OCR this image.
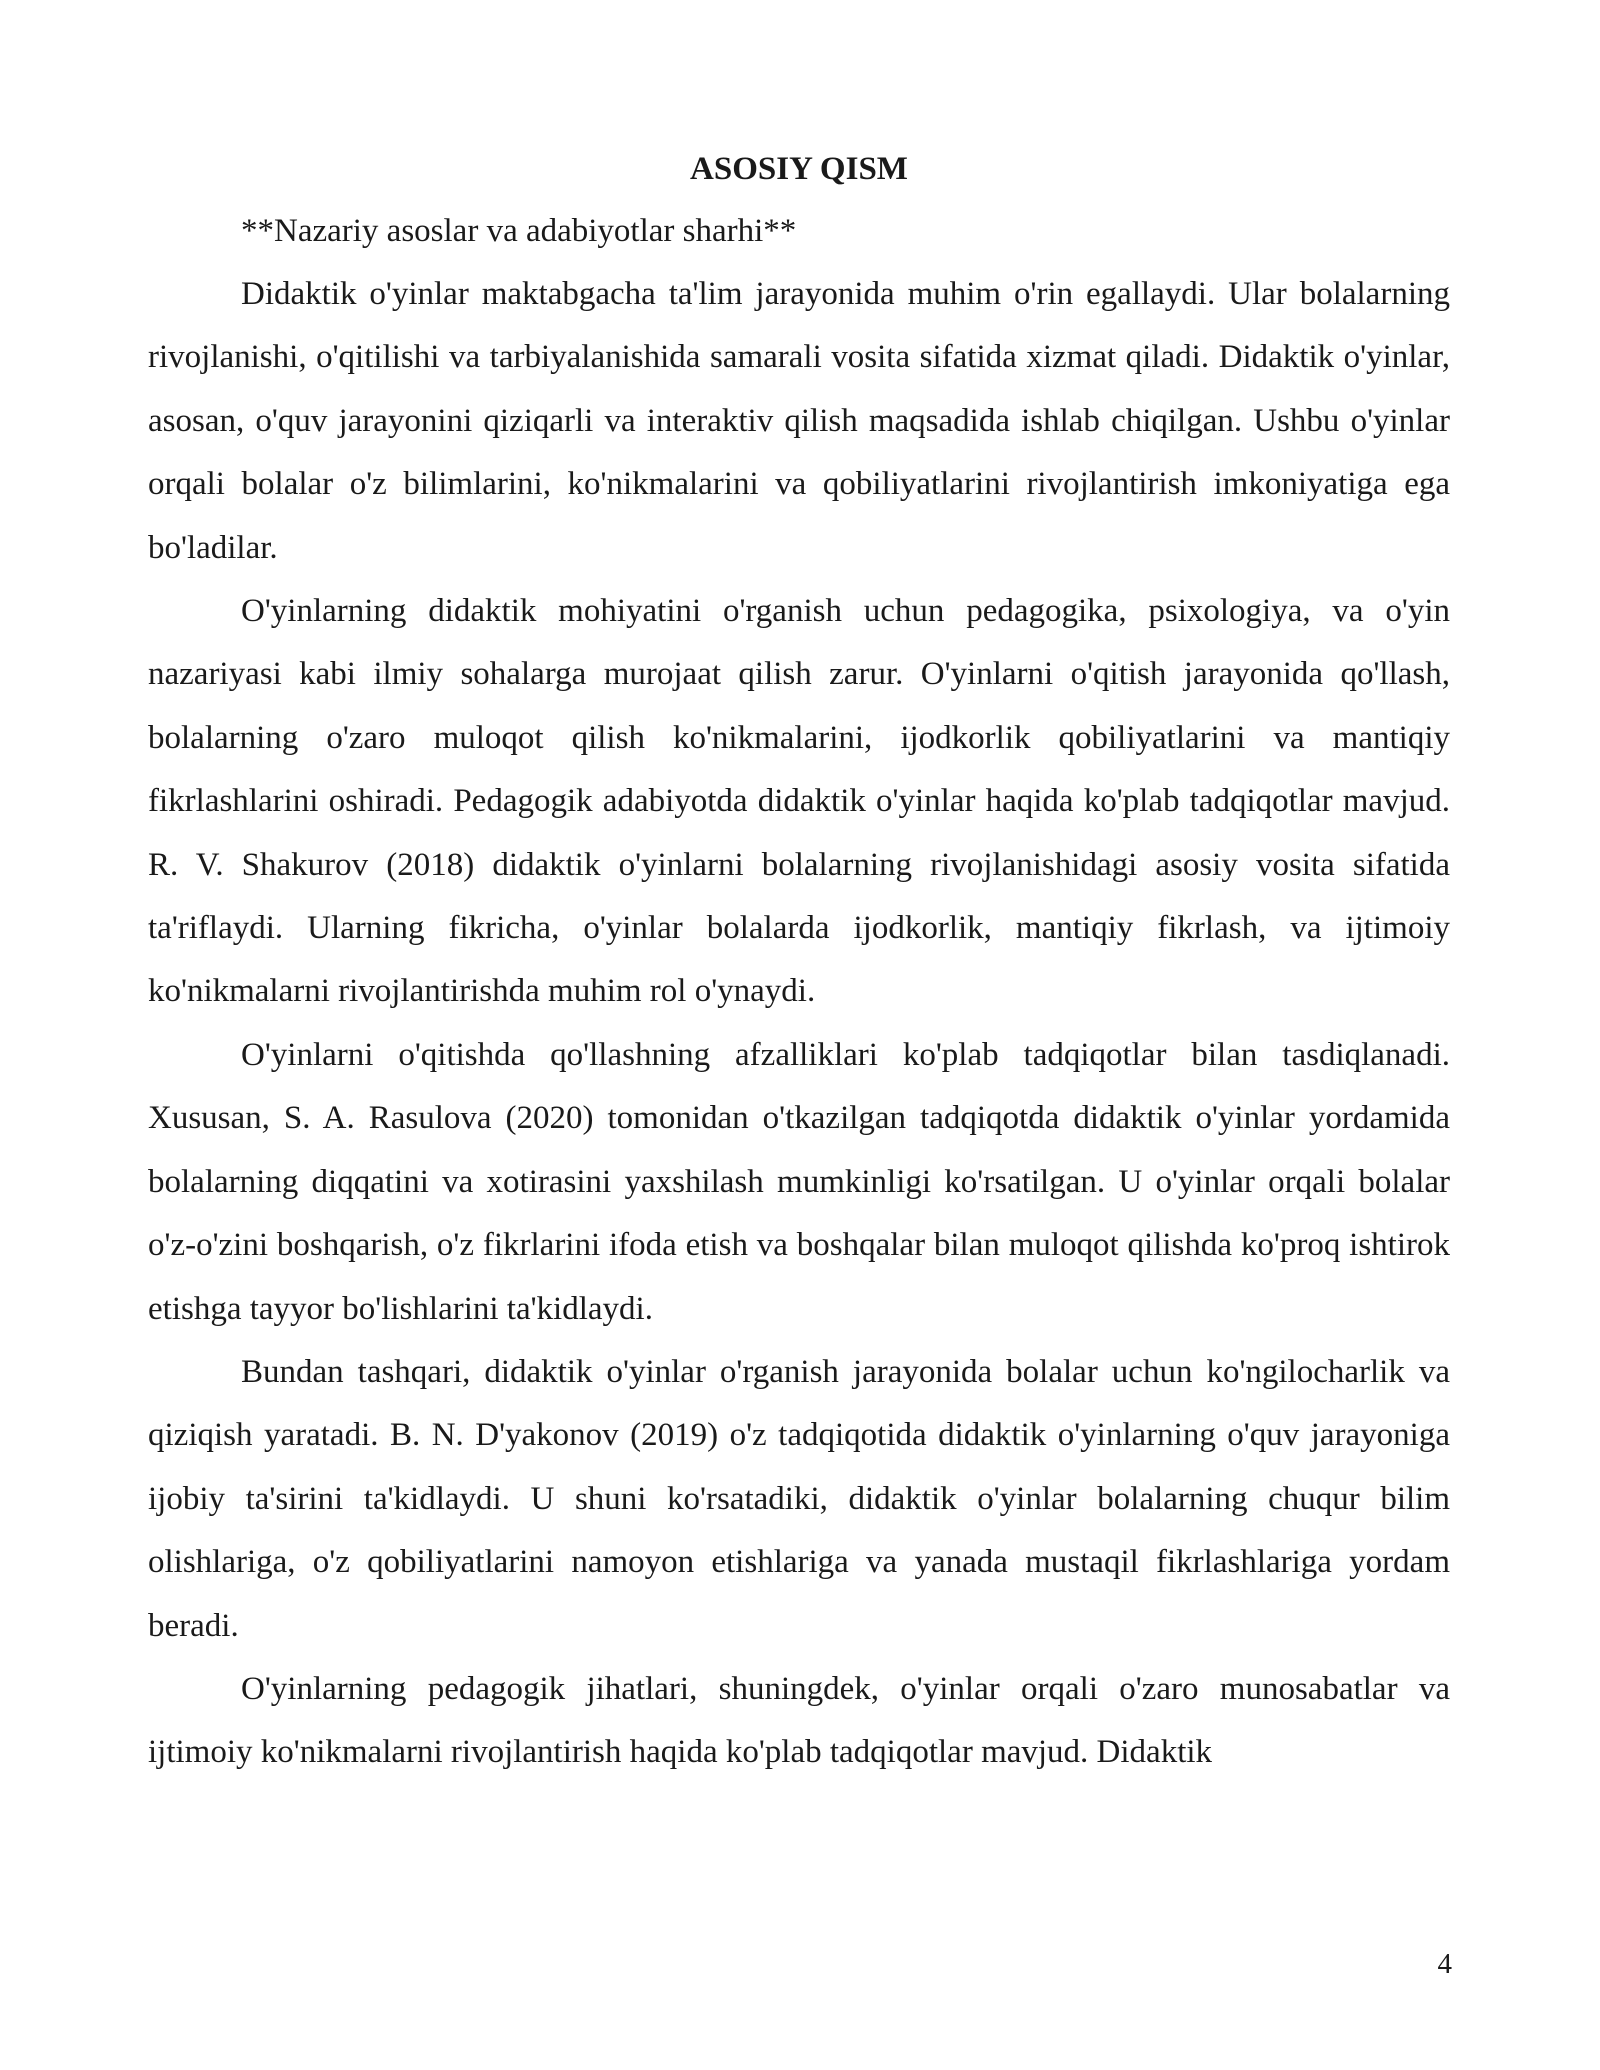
ASOSIY QISM

**Nazariy asoslar va adabiyotlar sharhi**

Didaktik o'yinlar maktabgacha ta'lim jarayonida muhim o'rin egallaydi. Ular bolalarning rivojlanishi, o'qitilishi va tarbiyalanishida samarali vosita sifatida xizmat qiladi. Didaktik o'yinlar, asosan, o'quv jarayonini qiziqarli va interaktiv qilish maqsadida ishlab chiqilgan. Ushbu o'yinlar orqali bolalar o'z bilimlarini, ko'nikmalarini va qobiliyatlarini rivojlantirish imkoniyatiga ega bo'ladilar.

O'yinlarning didaktik mohiyatini o'rganish uchun pedagogika, psixologiya, va o'yin nazariyasi kabi ilmiy sohalarga murojaat qilish zarur. O'yinlarni o'qitish jarayonida qo'llash, bolalarning o'zaro muloqot qilish ko'nikmalarini, ijodkorlik qobiliyatlarini va mantiqiy fikrlashlarini oshiradi. Pedagogik adabiyotda didaktik o'yinlar haqida ko'plab tadqiqotlar mavjud. R. V. Shakurov (2018) didaktik o'yinlarni bolalarning rivojlanishidagi asosiy vosita sifatida ta'riflaydi. Ularning fikricha, o'yinlar bolalarda ijodkorlik, mantiqiy fikrlash, va ijtimoiy ko'nikmalarni rivojlantirishda muhim rol o'ynaydi.

O'yinlarni o'qitishda qo'llashning afzalliklari ko'plab tadqiqotlar bilan tasdiqlanadi. Xususan, S. A. Rasulova (2020) tomonidan o'tkazilgan tadqiqotda didaktik o'yinlar yordamida bolalarning diqqatini va xotirasini yaxshilash mumkinligi ko'rsatilgan. U o'yinlar orqali bolalar o'z-o'zini boshqarish, o'z fikrlarini ifoda etish va boshqalar bilan muloqot qilishda ko'proq ishtirok etishga tayyor bo'lishlarini ta'kidlaydi.

Bundan tashqari, didaktik o'yinlar o'rganish jarayonida bolalar uchun ko'ngilocharlik va qiziqish yaratadi. B. N. D'yakonov (2019) o'z tadqiqotida didaktik o'yinlarning o'quv jarayoniga ijobiy ta'sirini ta'kidlaydi. U shuni ko'rsatadiki, didaktik o'yinlar bolalarning chuqur bilim olishlariga, o'z qobiliyatlarini namoyon etishlariga va yanada mustaqil fikrlashlariga yordam beradi.

O'yinlarning pedagogik jihatlari, shuningdek, o'yinlar orqali o'zaro munosabatlar va ijtimoiy ko'nikmalarni rivojlantirish haqida ko'plab tadqiqotlar mavjud. Didaktik

4
